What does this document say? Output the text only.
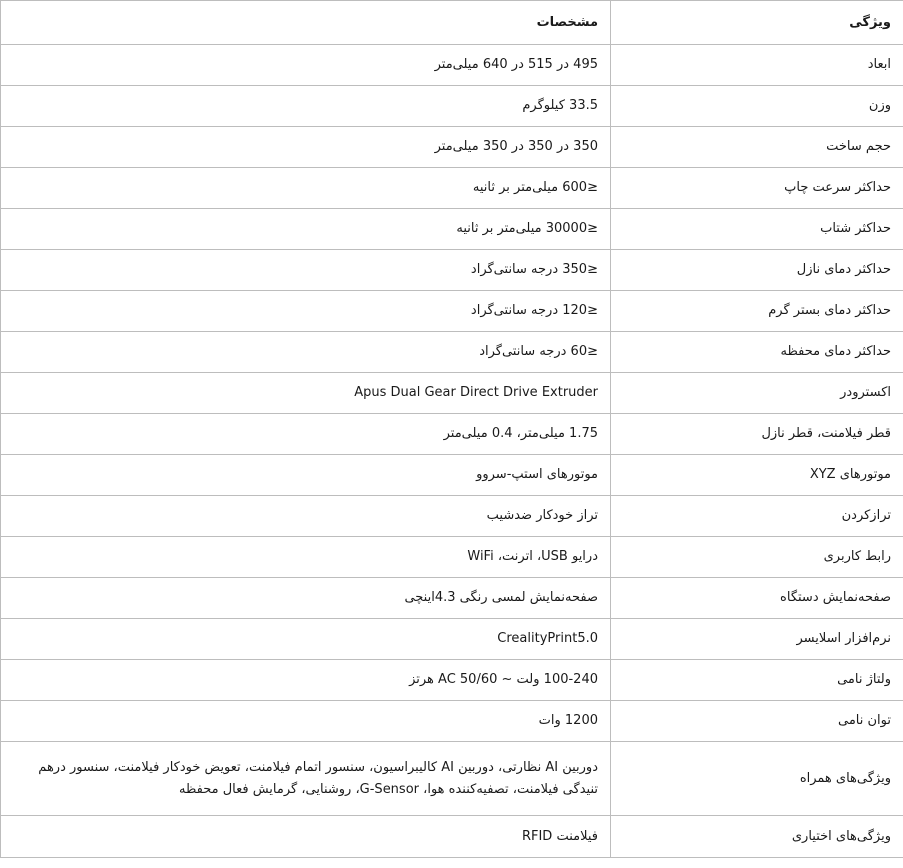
ویژگی	مشخصات
ابعاد	495 در 515 در 640 میلی‌متر
وزن	33.5 کیلوگرم
حجم ساخت	350 در 350 در 350 میلی‌متر
حداکثر سرعت چاپ	≤600 میلی‌متر بر ثانیه
حداکثر شتاب	≤30000 میلی‌متر بر ثانیه
حداکثر دمای نازل	≤350 درجه سانتی‌گراد
حداکثر دمای بستر گرم	≤120 درجه سانتی‌گراد
حداکثر دمای محفظه	≤60 درجه سانتی‌گراد
اکسترودر	Apus Dual Gear Direct Drive Extruder
قطر فیلامنت، قطر نازل	1.75 میلی‌متر، 0.4 میلی‌متر
موتورهای XYZ	موتورهای استپ-سروو
ترازکردن	تراز خودکار ضدشیب
رابط کاربری	درایو USB، اترنت، WiFi
صفحه‌نمایش دستگاه	صفحه‌نمایش لمسی رنگی 4.3اینچی
نرم‌افزار اسلایسر	CrealityPrint5.0
ولتاژ نامی	100-240 ولت ~ AC 50/60 هرتز
توان نامی	1200 وات
ویژگی‌های همراه	دوربین AI نظارتی، دوربین AI کالیبراسیون، سنسور اتمام فیلامنت، تعویض خودکار فیلامنت، سنسور درهم تنیدگی فیلامنت، تصفیه‌کننده هوا، G-Sensor، روشنایی، گرمایش فعال محفظه
ویژگی‌های اختیاری	فیلامنت RFID
